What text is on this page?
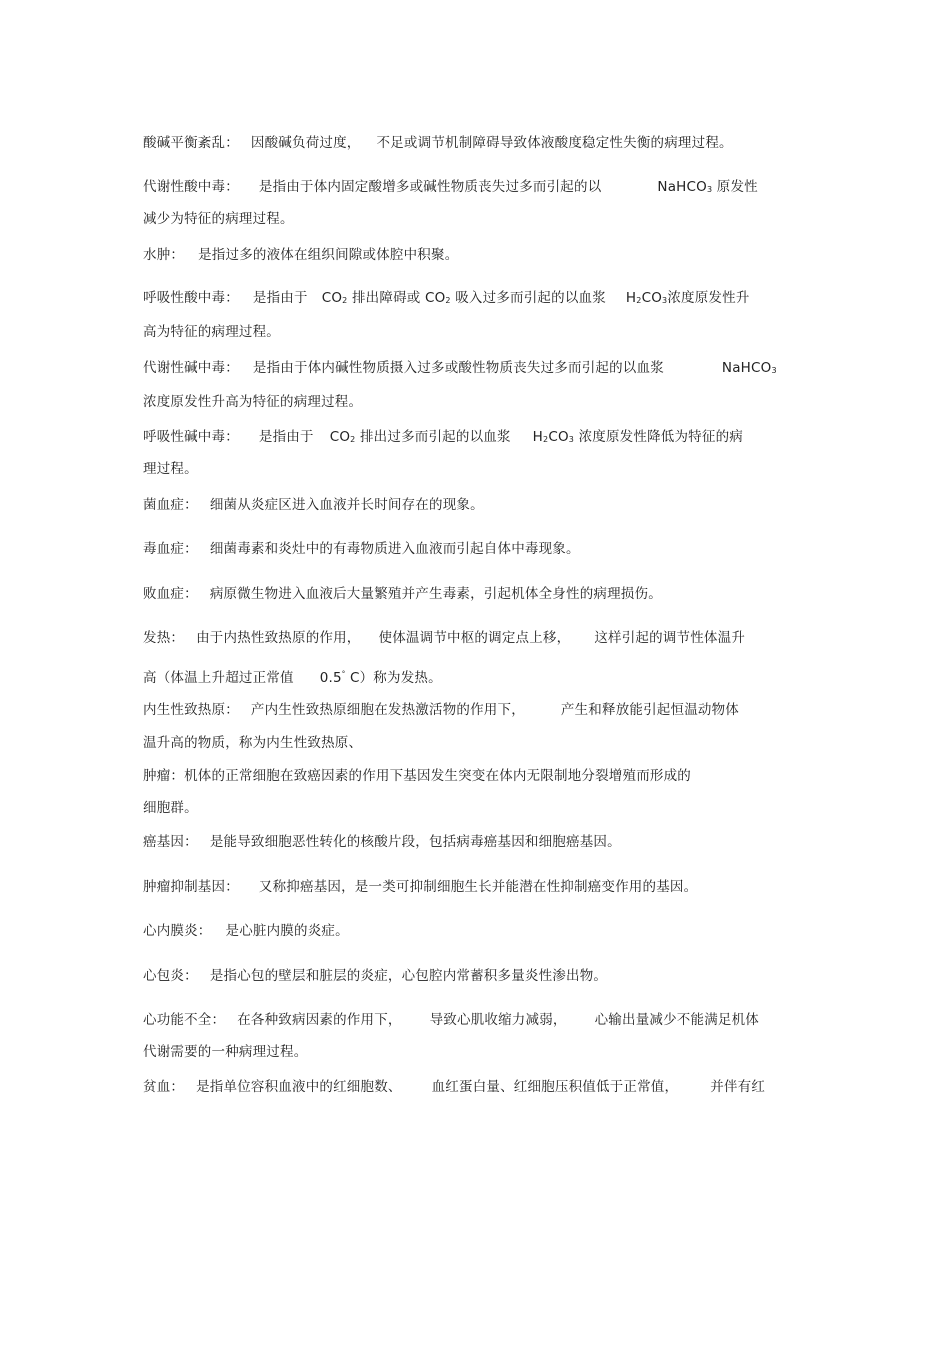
酸碱平衡紊乱： 因酸碱负荷过度， 不足或调节机制障碍导致体液酸度稳定性失衡的病理过程。
代谢性酸中毒： 是指由于体内固定酸增多或碱性物质丧失过多而引起的以	NaHCO3 原发性
减少为特征的病理过程。
水肿： 是指过多的液体在组织间隙或体腔中积聚。
呼吸性酸中毒： 是指由于 CO2 排出障碍或 CO2 吸入过多而引起的以血浆 H2CO3浓度原发性升
高为特征的病理过程。
代谢性碱中毒： 是指由于体内碱性物质摄入过多或酸性物质丧失过多而引起的以血浆	NaHCO3
浓度原发性升高为特征的病理过程。
呼吸性碱中毒： 是指由于 CO2 排出过多而引起的以血浆 H2CO3 浓度原发性降低为特征的病
理过程。
菌血症： 细菌从炎症区进入血液并长时间存在的现象。
毒血症： 细菌毒素和炎灶中的有毒物质进入血液而引起自体中毒现象。
败血症： 病原微生物进入血液后大量繁殖并产生毒素，引起机体全身性的病理损伤。
发热： 由于内热性致热原的作用， 使体温调节中枢的调定点上移， 这样引起的调节性体温升
高（体温上升超过正常值 0.5° C）称为发热。
内生性致热原： 产内生性致热原细胞在发热激活物的作用下，	产生和释放能引起恒温动物体
温升高的物质，称为内生性致热原、
肿瘤：机体的正常细胞在致癌因素的作用下基因发生突变在体内无限制地分裂增殖而形成的
细胞群。
癌基因： 是能导致细胞恶性转化的核酸片段，包括病毒癌基因和细胞癌基因。
肿瘤抑制基因： 又称抑癌基因，是一类可抑制细胞生长并能潜在性抑制癌变作用的基因。
心内膜炎： 是心脏内膜的炎症。
心包炎： 是指心包的壁层和脏层的炎症，心包腔内常蓄积多量炎性渗出物。
心功能不全： 在各种致病因素的作用下， 导致心肌收缩力减弱， 心输出量减少不能满足机体
代谢需要的一种病理过程。
贫血： 是指单位容积血液中的红细胞数、 血红蛋白量、红细胞压积值低于正常值， 并伴有红
